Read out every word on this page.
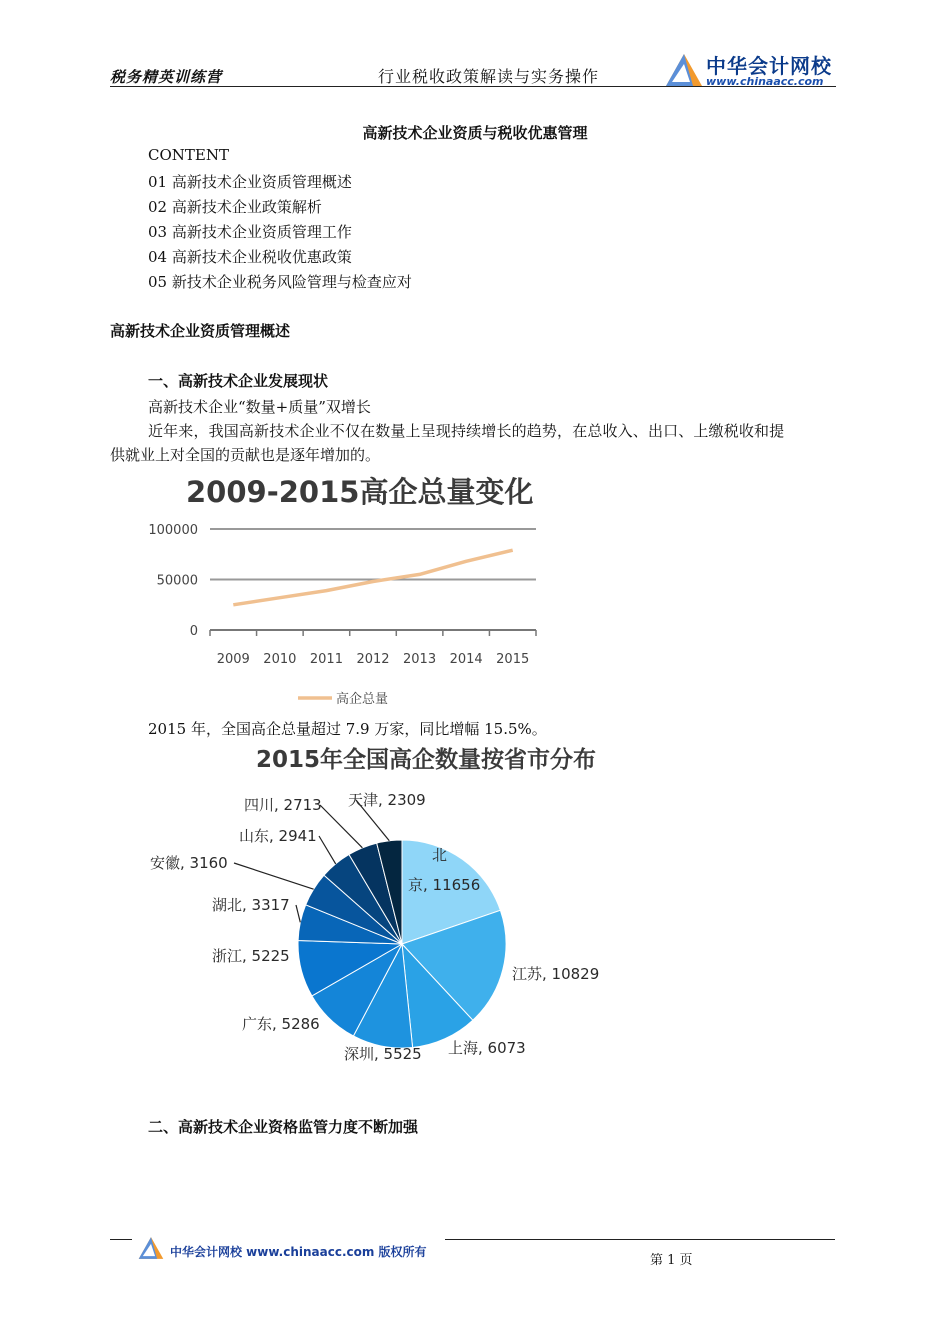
税务精英训练营	行业税收政策解读与实务操作	中华会计网校
www.chinaacc.com
高新技术企业资质与税收优惠管理
CONTENT
01 高新技术企业资质管理概述
02 高新技术企业政策解析
03 高新技术企业资质管理工作
04 高新技术企业税收优惠政策
05 新技术企业税务风险管理与检查应对
高新技术企业资质管理概述
一、高新技术企业发展现状
高新技术企业“数量+质量”双增长
近年来，我国高新技术企业不仅在数量上呈现持续增长的趋势，在总收入、出口、上缴税收和提
供就业上对全国的贡献也是逐年增加的。
2009-2015高企总量变化
0
50000
100000
2009 2010 2011 2012 2013 2014 2015
高企总量
2015 年，全国高企总量超过 7.9 万家，同比增幅 15.5%。
2015年全国高企数量按省市分布
北
京, 11656
江苏, 10829
上海, 6073
深圳, 5525
广东, 5286
浙江, 5225
湖北, 3317
安徽, 3160
山东, 2941
四川, 2713 天津, 2309
二、高新技术企业资格监管力度不断加强
中华会计网校 www.chinaacc.com 版权所有
第 1 页
